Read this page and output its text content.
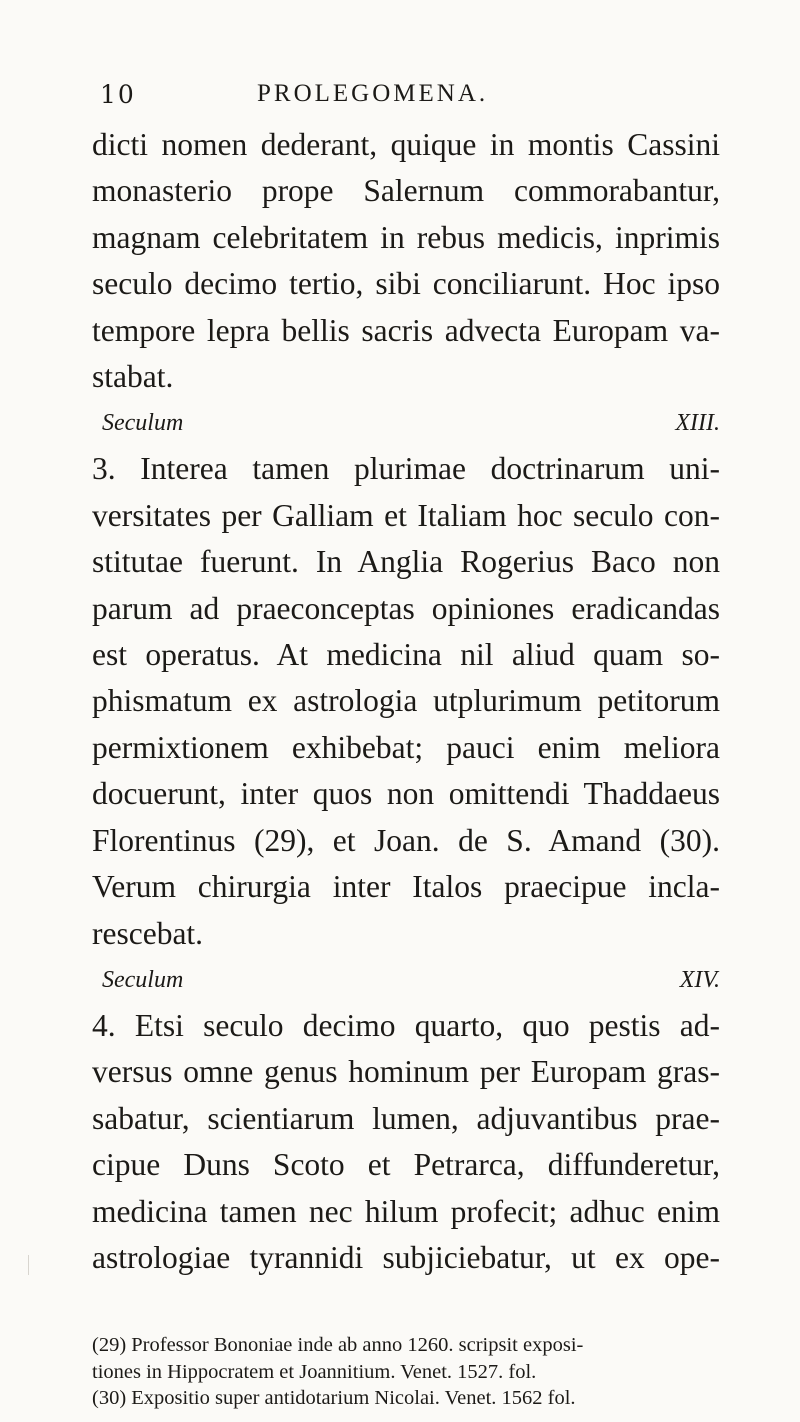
10	PROLEGOMENA.

dicti nomen dederant, quique in montis Cassini

monasterio prope Salernum commorabantur,

magnam celebritatem in rebus medicis, inprimis

seculo decimo tertio, sibi conciliarunt. Hoc ipso

tempore lepra bellis sacris advecta Europam va-

stabat.

Seculum XIII.

3. Interea tamen plurimae doctrinarum uni-

versitates per Galliam et Italiam hoc seculo con-

stitutae fuerunt. In Anglia Rogerius Baco non

parum ad praeconceptas opiniones eradicandas

est operatus. At medicina nil aliud quam so-

phismatum ex astrologia utplurimum petitorum

permixtionem exhibebat; pauci enim meliora

docuerunt, inter quos non omittendi Thaddaeus

Florentinus (29), et Joan. de S. Amand (30).

Verum chirurgia inter Italos praecipue incla-

rescebat.

Seculum XIV.

4. Etsi seculo decimo quarto, quo pestis ad-

versus omne genus hominum per Europam gras-

sabatur, scientiarum lumen, adjuvantibus prae-

cipue Duns Scoto et Petrarca, diffunderetur,

medicina tamen nec hilum profecit; adhuc enim

astrologiae tyrannidi subjiciebatur, ut ex ope-

(29) Professor Bononiae inde ab anno 1260. scripsit exposi-

tiones in Hippocratem et Joannitium. Venet. 1527. fol.

(30) Expositio super antidotarium Nicolai. Venet. 1562 fol.
